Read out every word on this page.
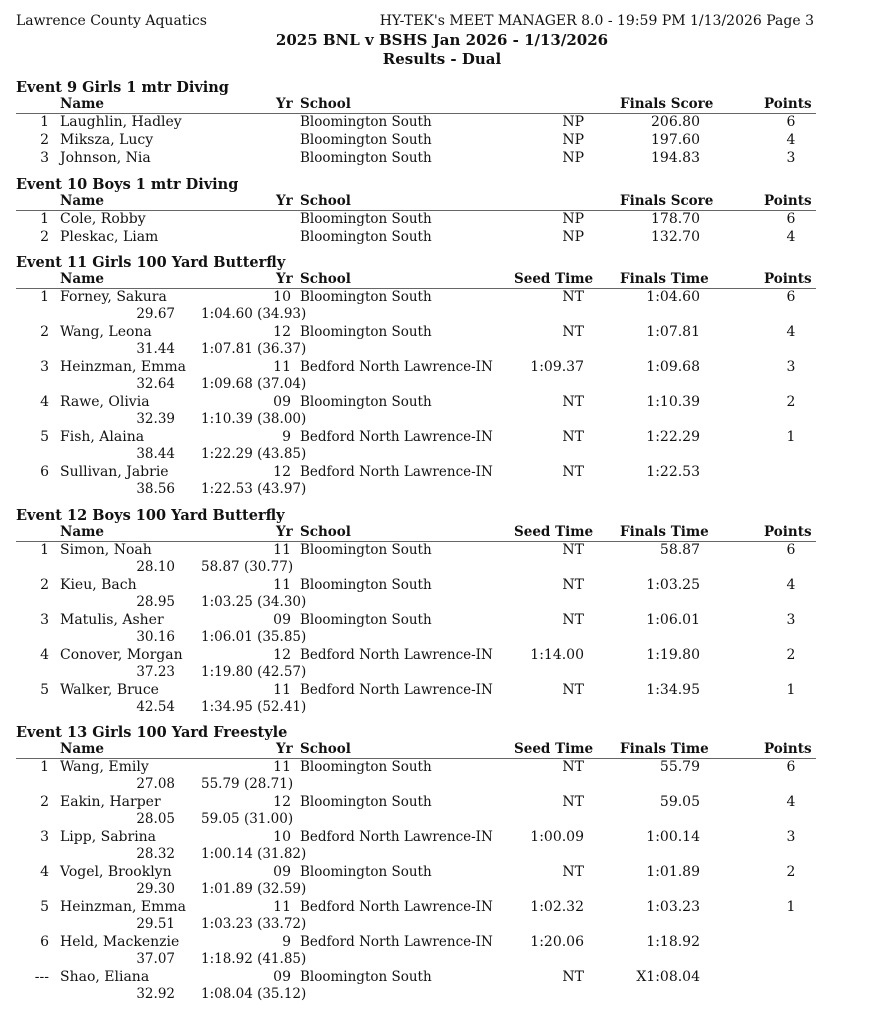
Lawrence County Aquatics	HY-TEK's MEET MANAGER 8.0 - 19:59 PM 1/13/2026 Page 3
2025 BNL v BSHS Jan 2026 - 1/13/2026
Results - Dual
Event 9 Girls 1 mtr Diving
Name	Yr School	Finals Score	Points
1 Laughlin, Hadley	Bloomington South	NP	206.80	6
2 Miksza, Lucy	Bloomington South	NP	197.60	4
3 Johnson, Nia	Bloomington South	NP	194.83	3
Event 10 Boys 1 mtr Diving
Name	Yr School	Finals Score	Points
1 Cole, Robby	Bloomington South	NP	178.70	6
2 Pleskac, Liam	Bloomington South	NP	132.70	4
Event 11 Girls 100 Yard Butterfly
Name	Yr School	Seed Time Finals Time	Points
1 Forney, Sakura	10 Bloomington South	NT	1:04.60	6
29.67 1:04.60 (34.93)
2 Wang, Leona	12 Bloomington South	NT	1:07.81	4
31.44 1:07.81 (36.37)
3 Heinzman, Emma	11 Bedford North Lawrence-IN	1:09.37	1:09.68	3
32.64 1:09.68 (37.04)
4 Rawe, Olivia	09 Bloomington South	NT	1:10.39	2
32.39 1:10.39 (38.00)
5 Fish, Alaina	9 Bedford North Lawrence-IN	NT	1:22.29	1
38.44 1:22.29 (43.85)
6 Sullivan, Jabrie	12 Bedford North Lawrence-IN	NT	1:22.53
38.56 1:22.53 (43.97)
Event 12 Boys 100 Yard Butterfly
Name	Yr School	Seed Time Finals Time	Points
1 Simon, Noah	11 Bloomington South	NT	58.87	6
28.10 58.87 (30.77)
2 Kieu, Bach	11 Bloomington South	NT	1:03.25	4
28.95 1:03.25 (34.30)
3 Matulis, Asher	09 Bloomington South	NT	1:06.01	3
30.16 1:06.01 (35.85)
4 Conover, Morgan	12 Bedford North Lawrence-IN	1:14.00	1:19.80	2
37.23 1:19.80 (42.57)
5 Walker, Bruce	11 Bedford North Lawrence-IN	NT	1:34.95	1
42.54 1:34.95 (52.41)
Event 13 Girls 100 Yard Freestyle
Name	Yr School	Seed Time Finals Time	Points
1 Wang, Emily	11 Bloomington South	NT	55.79	6
27.08 55.79 (28.71)
2 Eakin, Harper	12 Bloomington South	NT	59.05	4
28.05 59.05 (31.00)
3 Lipp, Sabrina	10 Bedford North Lawrence-IN	1:00.09	1:00.14	3
28.32 1:00.14 (31.82)
4 Vogel, Brooklyn	09 Bloomington South	NT	1:01.89	2
29.30 1:01.89 (32.59)
5 Heinzman, Emma	11 Bedford North Lawrence-IN	1:02.32	1:03.23	1
29.51 1:03.23 (33.72)
6 Held, Mackenzie	9 Bedford North Lawrence-IN	1:20.06	1:18.92
37.07 1:18.92 (41.85)
--- Shao, Eliana	09 Bloomington South	NT	X1:08.04
32.92 1:08.04 (35.12)
